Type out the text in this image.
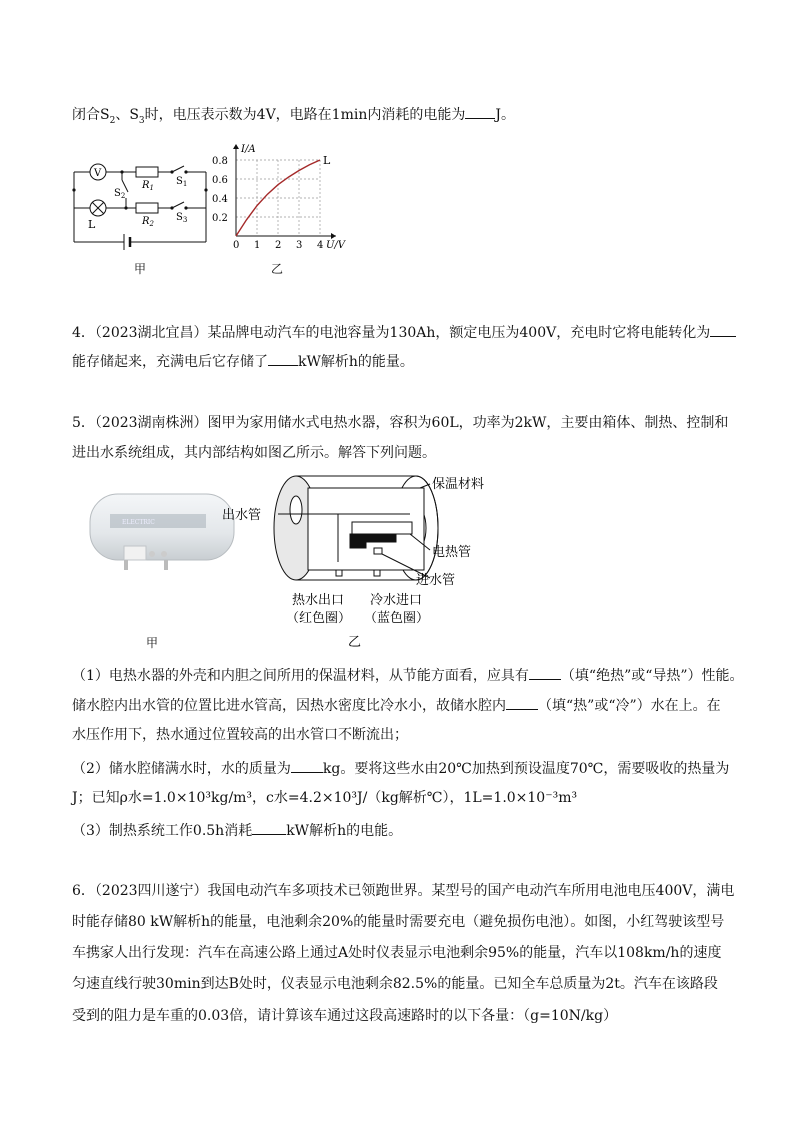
闭合$S_2$、$S_3$时，电压表示数为4V，电路在1min内消耗的电能为 J。
V
L
$R_1$
$R_2$
$S_1$
$S_2$
$S_3$
甲
0 1 2 3 4
0.2
0.4
0.6
0.8
I/A
U/V
L
乙
4．（2023湖北宜昌）某品牌电动汽车的电池容量为130Ah，额定电压为400V，充电时它将电能转化为
能存储起来，充满电后它存储了 kW解析h的能量。
5．（2023湖南株洲）图甲为家用储水式电热水器，容积为60L，功率为2kW，主要由箱体、制热、控制和
进出水系统组成，其内部结构如图乙所示。解答下列问题。
ELECTRIC
甲
保温材料
出水管
电热管
进水管
热水出口
（红色圈）
冷水进口
（蓝色圈）
乙
（1）电热水器的外壳和内胆之间所用的保温材料，从节能方面看，应具有 （填“绝热”或“导热”）性能。
储水腔内出水管的位置比进水管高，因热水密度比冷水小，故储水腔内 （填“热”或“冷”）水在上。在
水压作用下，热水通过位置较高的出水管口不断流出；
（2）储水腔储满水时，水的质量为 kg。要将这些水由20℃加热到预设温度70℃，需要吸收的热量为
J；已知ρ水=1.0×10³kg/m³，c水=4.2×10³J/（kg解析℃），1L=1.0×10⁻³m³
（3）制热系统工作0.5h消耗 kW解析h的电能。
6．（2023四川遂宁）我国电动汽车多项技术已领跑世界。某型号的国产电动汽车所用电池电压400V，满电
时能存储80 kW解析h的能量，电池剩余20%的能量时需要充电（避免损伤电池）。如图，小红驾驶该型号
车携家人出行发现：汽车在高速公路上通过A处时仪表显示电池剩余95%的能量，汽车以108km/h的速度
匀速直线行驶30min到达B处时，仪表显示电池剩余82.5%的能量。已知全车总质量为2t。汽车在该路段
受到的阻力是车重的0.03倍，请计算该车通过这段高速路时的以下各量：（g=10N/kg）
